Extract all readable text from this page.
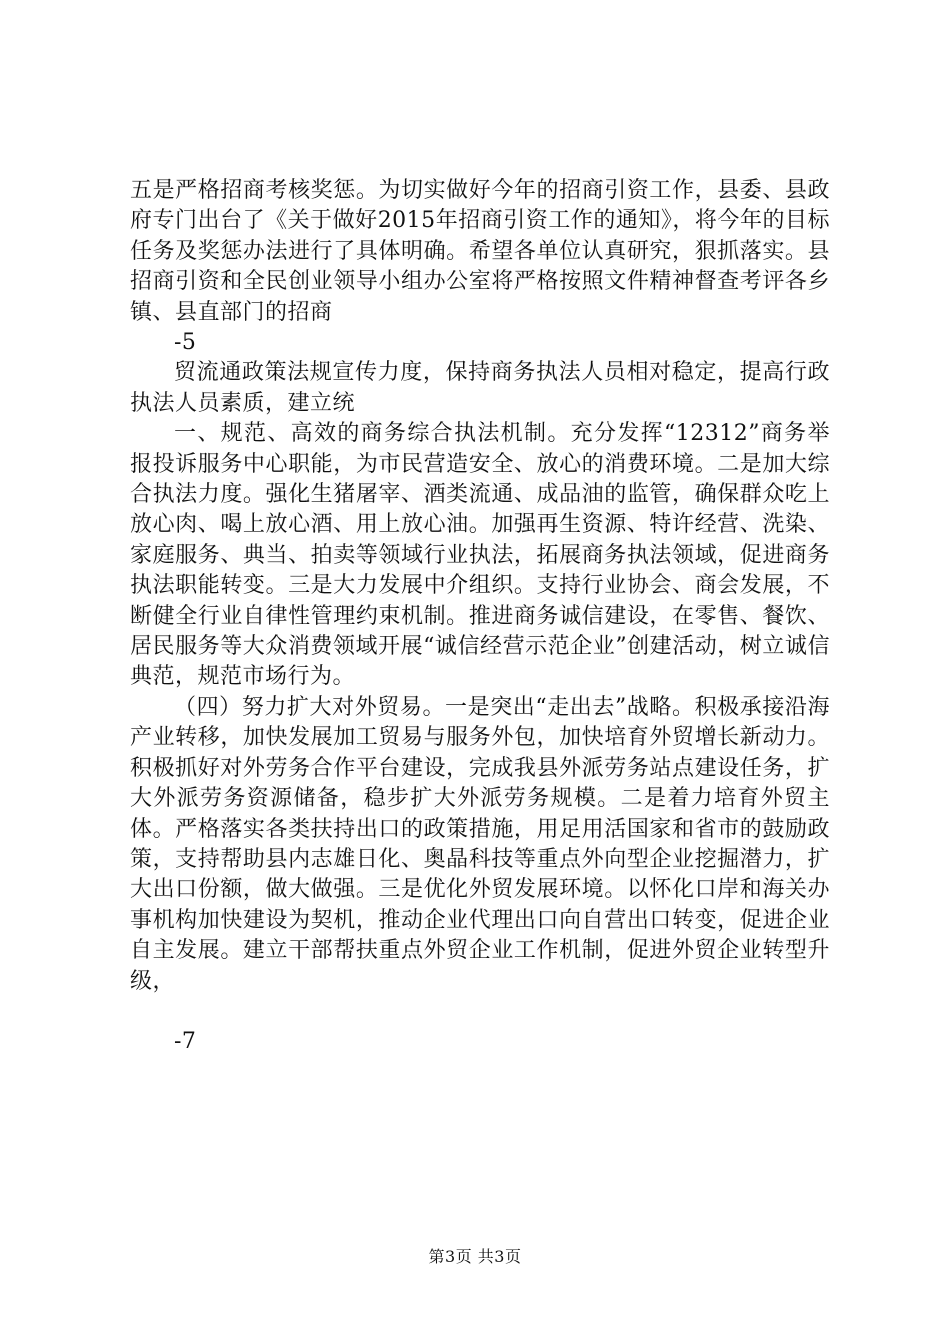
五是严格招商考核奖惩。为切实做好今年的招商引资工作，县委、县政府专门出台了《关于做好2015年招商引资工作的通知》，将今年的目标任务及奖惩办法进行了具体明确。希望各单位认真研究，狠抓落实。县招商引资和全民创业领导小组办公室将严格按照文件精神督查考评各乡镇、县直部门的招商

-5

贸流通政策法规宣传力度，保持商务执法人员相对稳定，提高行政执法人员素质，建立统

一、规范、高效的商务综合执法机制。充分发挥“12312”商务举报投诉服务中心职能，为市民营造安全、放心的消费环境。二是加大综合执法力度。强化生猪屠宰、酒类流通、成品油的监管，确保群众吃上放心肉、喝上放心酒、用上放心油。加强再生资源、特许经营、洗染、家庭服务、典当、拍卖等领域行业执法，拓展商务执法领域，促进商务执法职能转变。三是大力发展中介组织。支持行业协会、商会发展，不断健全行业自律性管理约束机制。推进商务诚信建设，在零售、餐饮、居民服务等大众消费领域开展“诚信经营示范企业”创建活动，树立诚信典范，规范市场行为。

（四）努力扩大对外贸易。一是突出“走出去”战略。积极承接沿海产业转移，加快发展加工贸易与服务外包，加快培育外贸增长新动力。积极抓好对外劳务合作平台建设，完成我县外派劳务站点建设任务，扩大外派劳务资源储备，稳步扩大外派劳务规模。二是着力培育外贸主体。严格落实各类扶持出口的政策措施，用足用活国家和省市的鼓励政策，支持帮助县内志雄日化、奥晶科技等重点外向型企业挖掘潜力，扩大出口份额，做大做强。三是优化外贸发展环境。以怀化口岸和海关办事机构加快建设为契机，推动企业代理出口向自营出口转变，促进企业自主发展。建立干部帮扶重点外贸企业工作机制，促进外贸企业转型升级，

-7

第3页 共3页
